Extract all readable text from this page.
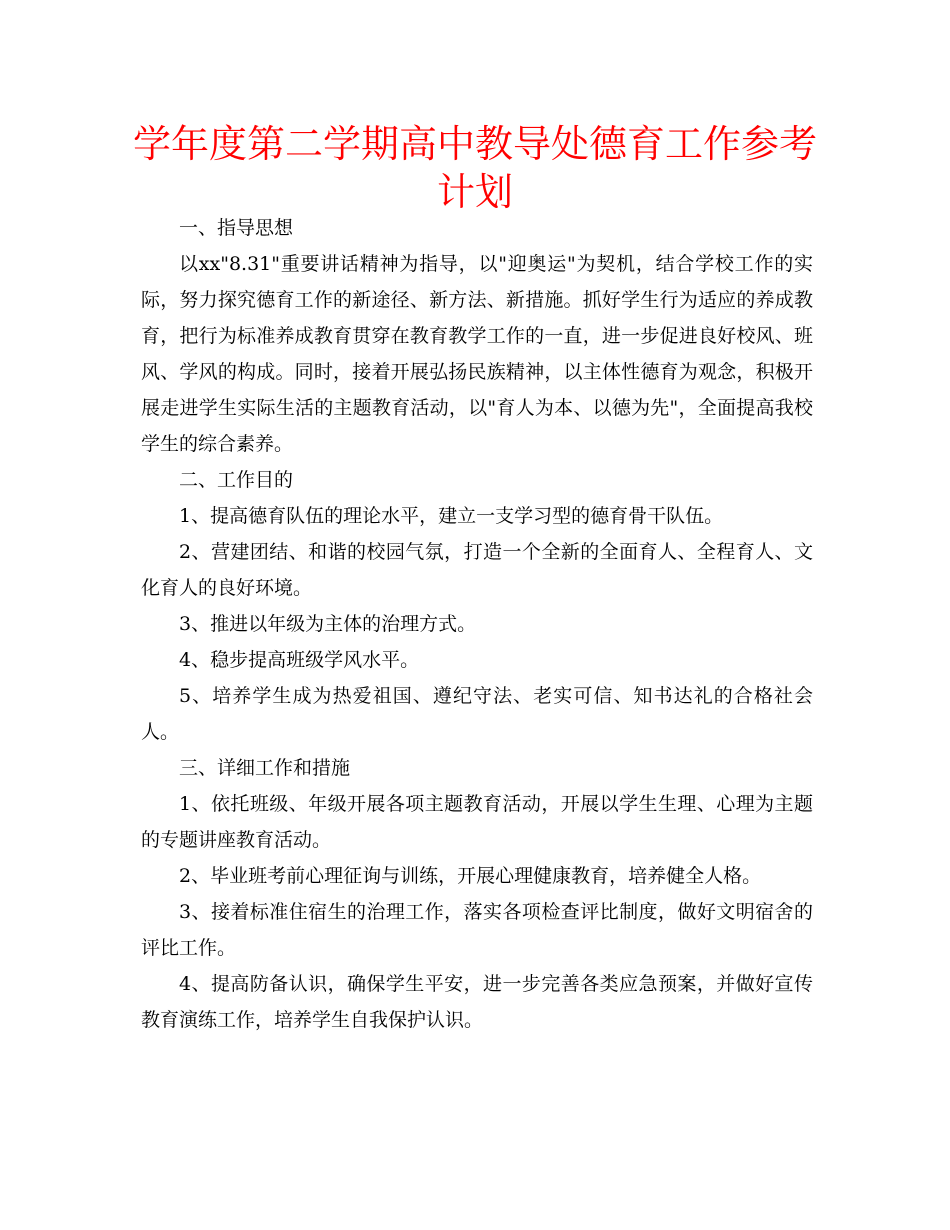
学年度第二学期高中教导处德育工作参考计划

一、指导思想

以xx"8.31"重要讲话精神为指导，以"迎奥运"为契机，结合学校工作的实际，努力探究德育工作的新途径、新方法、新措施。抓好学生行为适应的养成教育，把行为标准养成教育贯穿在教育教学工作的一直，进一步促进良好校风、班风、学风的构成。同时，接着开展弘扬民族精神，以主体性德育为观念，积极开展走进学生实际生活的主题教育活动，以"育人为本、以德为先"，全面提高我校学生的综合素养。

二、工作目的

1、提高德育队伍的理论水平，建立一支学习型的德育骨干队伍。

2、营建团结、和谐的校园气氛，打造一个全新的全面育人、全程育人、文化育人的良好环境。

3、推进以年级为主体的治理方式。

4、稳步提高班级学风水平。

5、培养学生成为热爱祖国、遵纪守法、老实可信、知书达礼的合格社会人。

三、详细工作和措施

1、依托班级、年级开展各项主题教育活动，开展以学生生理、心理为主题的专题讲座教育活动。

2、毕业班考前心理征询与训练，开展心理健康教育，培养健全人格。

3、接着标准住宿生的治理工作，落实各项检查评比制度，做好文明宿舍的评比工作。

4、提高防备认识，确保学生平安，进一步完善各类应急预案，并做好宣传教育演练工作，培养学生自我保护认识。
